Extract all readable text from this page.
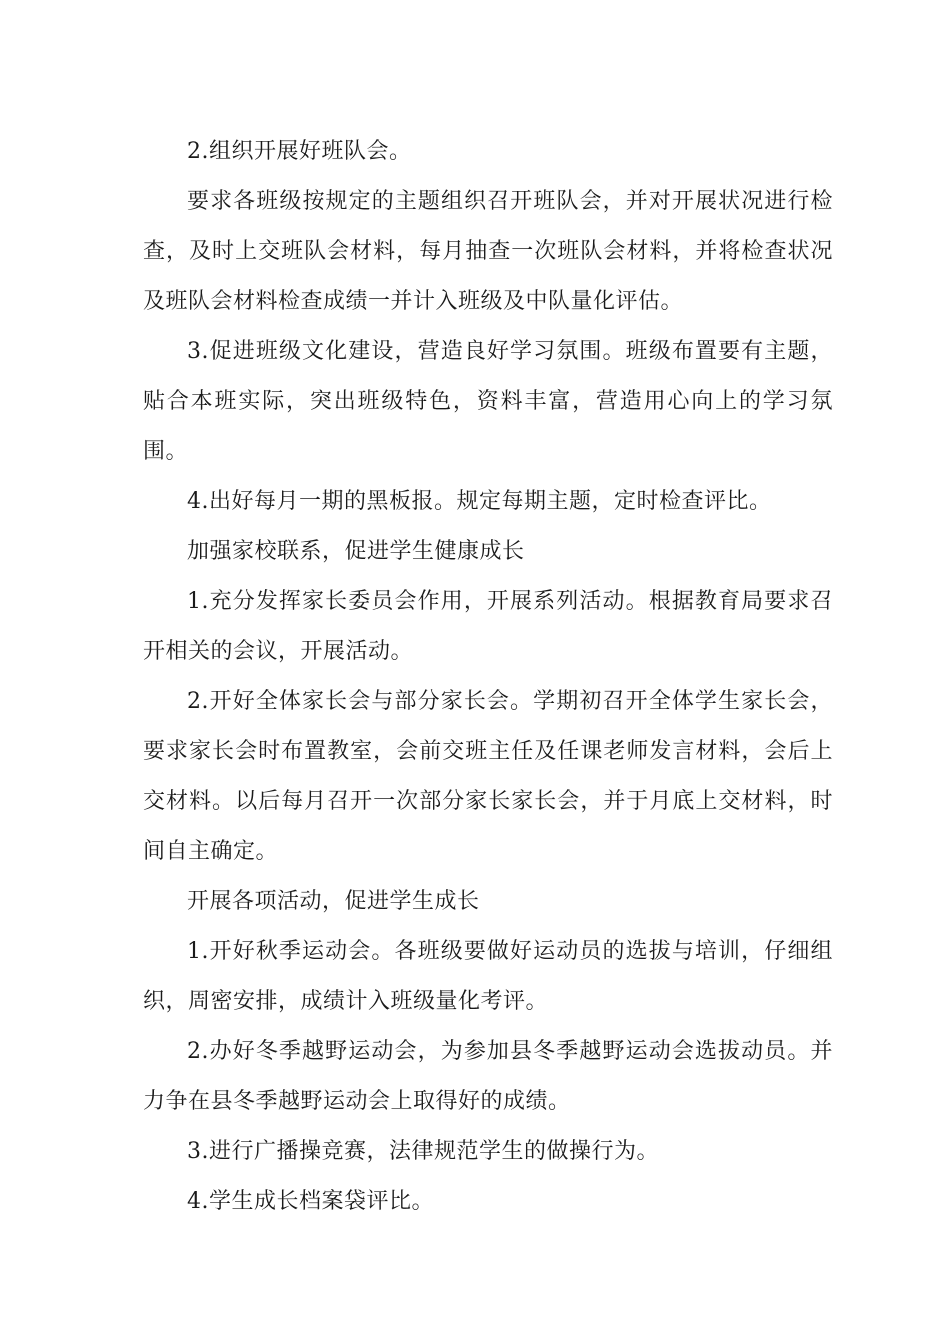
2.组织开展好班队会。

要求各班级按规定的主题组织召开班队会，并对开展状况进行检查，及时上交班队会材料，每月抽查一次班队会材料，并将检查状况及班队会材料检查成绩一并计入班级及中队量化评估。

3.促进班级文化建设，营造良好学习氛围。班级布置要有主题，贴合本班实际，突出班级特色，资料丰富，营造用心向上的学习氛围。

4.出好每月一期的黑板报。规定每期主题，定时检查评比。

加强家校联系，促进学生健康成长

1.充分发挥家长委员会作用，开展系列活动。根据教育局要求召开相关的会议，开展活动。

2.开好全体家长会与部分家长会。学期初召开全体学生家长会，要求家长会时布置教室，会前交班主任及任课老师发言材料，会后上交材料。以后每月召开一次部分家长家长会，并于月底上交材料，时间自主确定。

开展各项活动，促进学生成长

1.开好秋季运动会。各班级要做好运动员的选拔与培训，仔细组织，周密安排，成绩计入班级量化考评。

2.办好冬季越野运动会，为参加县冬季越野运动会选拔动员。并力争在县冬季越野运动会上取得好的成绩。

3.进行广播操竞赛，法律规范学生的做操行为。

4.学生成长档案袋评比。
